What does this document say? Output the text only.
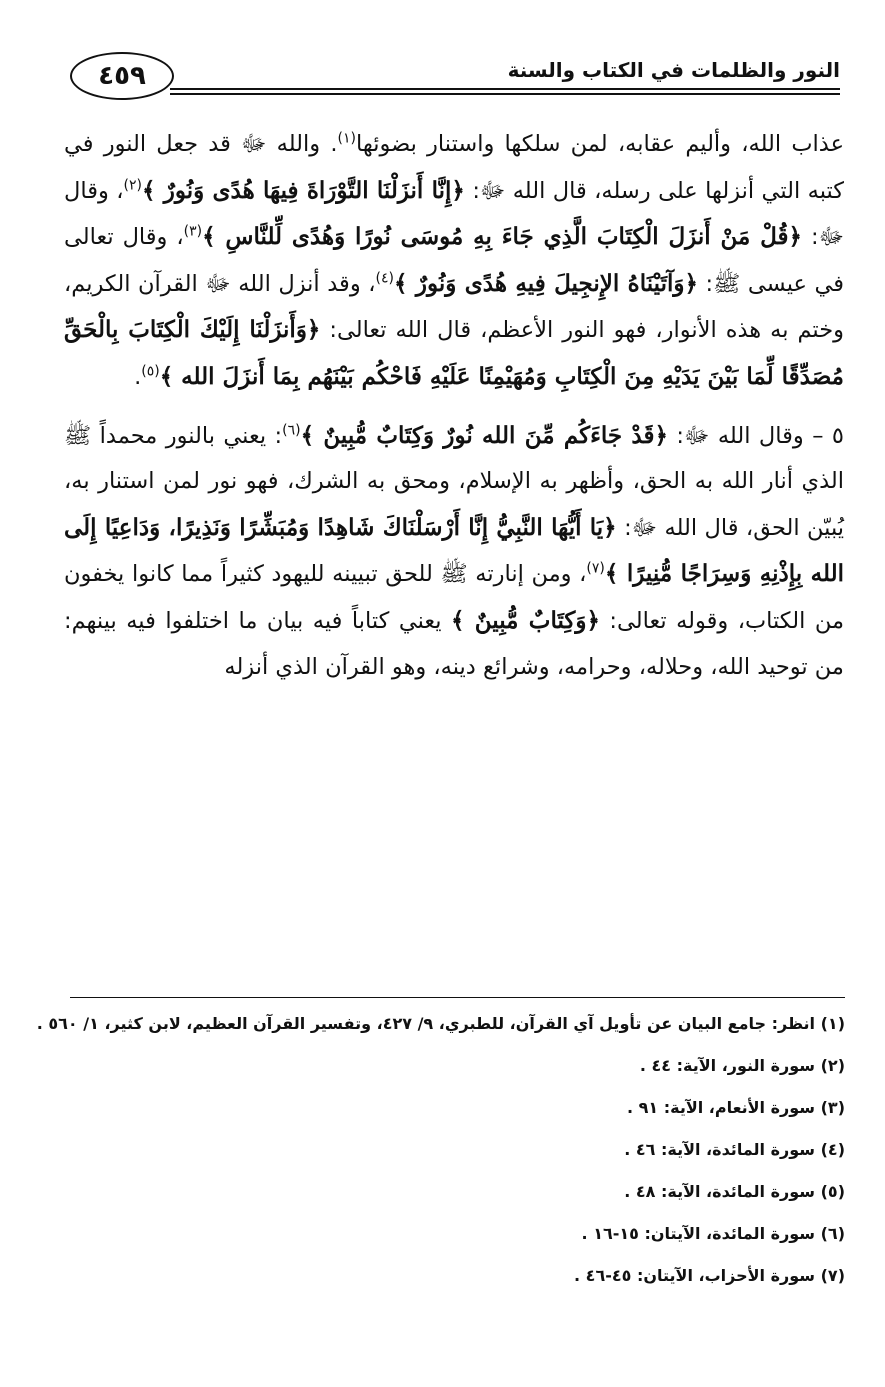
النور والظلمات في الكتاب والسنة
٤٥٩

عذاب الله، وأليم عقابه، لمن سلكها واستنار بضوئها$^{(١)}$. والله ﷻ قد جعل النور في كتبه التي أنزلها على رسله، قال الله ﷻ: ﴿إِنَّا أَنزَلْنَا التَّوْرَاةَ فِيهَا هُدًى وَنُورٌ ﴾$^{(٢)}$، وقال ﷻ: ﴿قُلْ مَنْ أَنزَلَ الْكِتَابَ الَّذِي جَاءَ بِهِ مُوسَى نُورًا وَهُدًى لِّلنَّاسِ ﴾$^{(٣)}$، وقال تعالى في عيسى ﷺ: ﴿وَآتَيْنَاهُ الإِنجِيلَ فِيهِ هُدًى وَنُورٌ ﴾$^{(٤)}$، وقد أنزل الله ﷻ القرآن الكريم، وختم به هذه الأنوار، فهو النور الأعظم، قال الله تعالى: ﴿وَأَنزَلْنَا إِلَيْكَ الْكِتَابَ بِالْحَقِّ مُصَدِّقًا لِّمَا بَيْنَ يَدَيْهِ مِنَ الْكِتَابِ وَمُهَيْمِنًا عَلَيْهِ فَاحْكُم بَيْنَهُم بِمَا أَنزَلَ الله ﴾$^{(٥)}$.

٥ – وقال الله ﷻ: ﴿قَدْ جَاءَكُم مِّنَ الله نُورٌ وَكِتَابٌ مُّبِينٌ ﴾$^{(٦)}$: يعني بالنور محمداً ﷺ الذي أنار الله به الحق، وأظهر به الإسلام، ومحق به الشرك، فهو نور لمن استنار به، يُبيّن الحق، قال الله ﷻ: ﴿يَا أَيُّهَا النَّبِيُّ إِنَّا أَرْسَلْنَاكَ شَاهِدًا وَمُبَشِّرًا وَنَذِيرًا، وَدَاعِيًا إِلَى الله بِإِذْنِهِ وَسِرَاجًا مُّنِيرًا ﴾$^{(٧)}$، ومن إنارته ﷺ للحق تبيينه لليهود كثيراً مما كانوا يخفون من الكتاب، وقوله تعالى: ﴿وَكِتَابٌ مُّبِينٌ ﴾ يعني كتاباً فيه بيان ما اختلفوا فيه بينهم: من توحيد الله، وحلاله، وحرامه، وشرائع دينه، وهو القرآن الذي أنزله

(١) انظر: جامع البيان عن تأويل آي القرآن، للطبري، ٩/ ٤٢٧، وتفسير القرآن العظيم، لابن كثير، ١/ ٥٦٠ .
(٢) سورة النور، الآية: ٤٤ .
(٣) سورة الأنعام، الآية: ٩١ .
(٤) سورة المائدة، الآية: ٤٦ .
(٥) سورة المائدة، الآية: ٤٨ .
(٦) سورة المائدة، الآيتان: ١٥-١٦ .
(٧) سورة الأحزاب، الآيتان: ٤٥-٤٦ .
